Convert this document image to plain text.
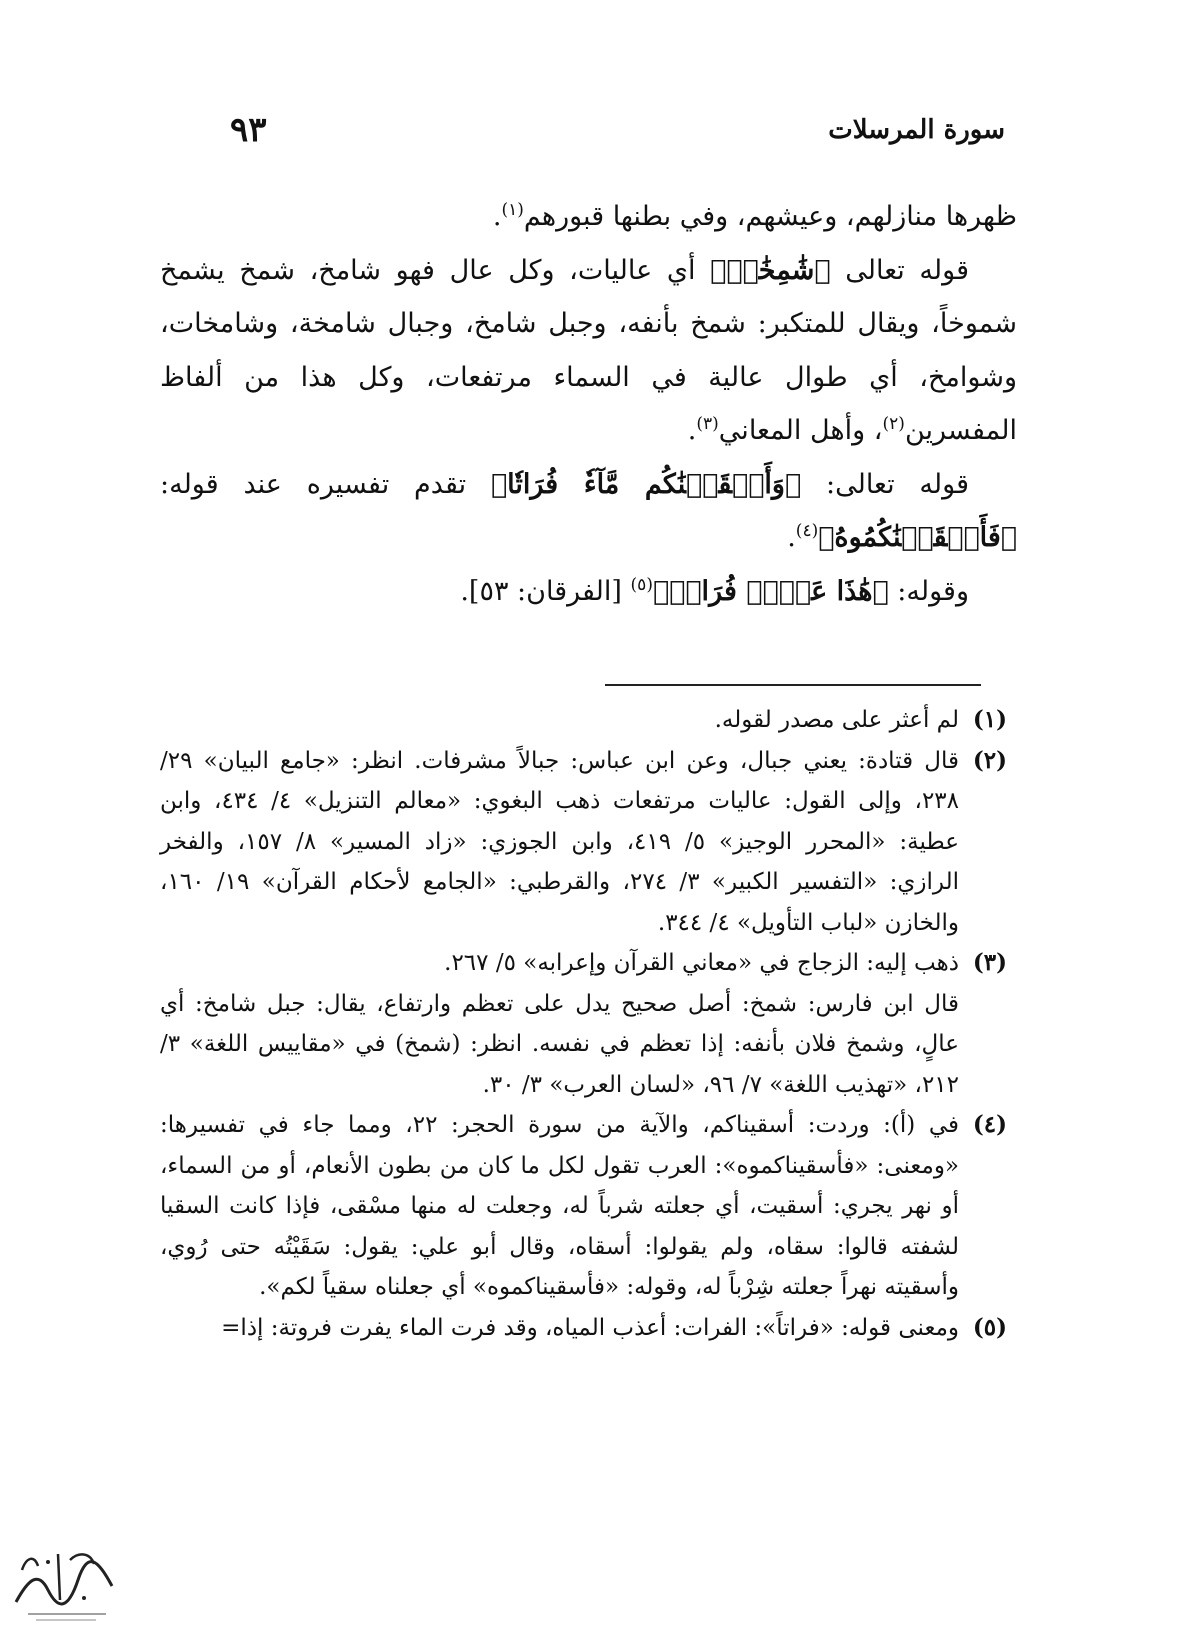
سورة المرسلات
٩٣

ظهرها منازلهم، وعيشهم، وفي بطنها قبورهم$^{(١)}$.

قوله تعالى ﴿شَٰمِخَٰتٖ﴾ أي عاليات، وكل عال فهو شامخ، شمخ يشمخ شموخاً، ويقال للمتكبر: شمخ بأنفه، وجبل شامخ، وجبال شامخة، وشامخات، وشوامخ، أي طوال عالية في السماء مرتفعات، وكل هذا من ألفاظ المفسرين$^{(٢)}$، وأهل المعاني$^{(٣)}$.

قوله تعالى: ﴿وَأَسۡقَيۡنَٰكُم مَّآءٗ فُرَاتٗا﴾ تقدم تفسيره عند قوله: ﴿فَأَسۡقَيۡنَٰكُمُوهُ﴾$^{(٤)}$.

وقوله: ﴿هَٰذَا عَذۡبٞ فُرَاتٞ﴾$^{(٥)}$ [الفرقان: ٥٣].

(١)

لم أعثر على مصدر لقوله.

(٢)

قال قتادة: يعني جبال، وعن ابن عباس: جبالاً مشرفات. انظر: «جامع البيان» ٢٩/ ٢٣٨، وإلى القول: عاليات مرتفعات ذهب البغوي: «معالم التنزيل» ٤/ ٤٣٤، وابن عطية: «المحرر الوجيز» ٥/ ٤١٩، وابن الجوزي: «زاد المسير» ٨/ ١٥٧، والفخر الرازي: «التفسير الكبير» ٣/ ٢٧٤، والقرطبي: «الجامع لأحكام القرآن» ١٩/ ١٦٠، والخازن «لباب التأويل» ٤/ ٣٤٤.

(٣)

ذهب إليه: الزجاج في «معاني القرآن وإعرابه» ٥/ ٢٦٧.

قال ابن فارس: شمخ: أصل صحيح يدل على تعظم وارتفاع، يقال: جبل شامخ: أي عالٍ، وشمخ فلان بأنفه: إذا تعظم في نفسه. انظر: (شمخ) في «مقاييس اللغة» ٣/ ٢١٢، «تهذيب اللغة» ٧/ ٩٦، «لسان العرب» ٣/ ٣٠.

(٤)

في (أ): وردت: أسقيناكم، والآية من سورة الحجر: ٢٢، ومما جاء في تفسيرها: «ومعنى: «فأسقيناكموه»: العرب تقول لكل ما كان من بطون الأنعام، أو من السماء، أو نهر يجري: أسقيت، أي جعلته شرباً له، وجعلت له منها مسْقى، فإذا كانت السقيا لشفته قالوا: سقاه، ولم يقولوا: أسقاه، وقال أبو علي: يقول: سَقَيْتُه حتى رُوي، وأسقيته نهراً جعلته شِرْباً له، وقوله: «فأسقيناكموه» أي جعلناه سقياً لكم».

(٥)

ومعنى قوله: «فراتاً»: الفرات: أعذب المياه، وقد فرت الماء يفرت فروتة: إذا=
